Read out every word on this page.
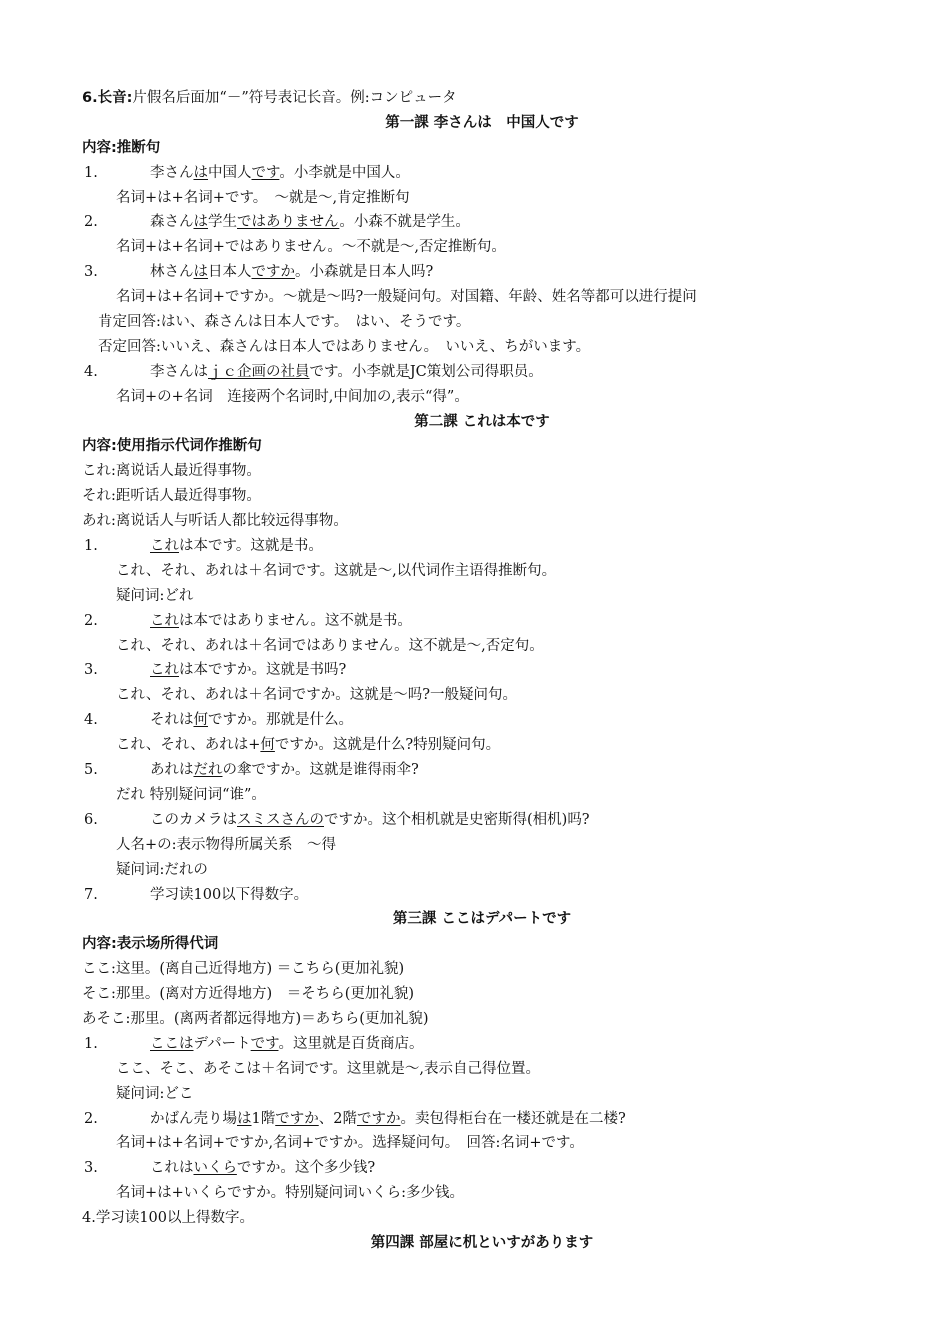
6.长音:片假名后面加“－”符号表记长音。例:コンピュータ
第一課 李さんは　中国人です
内容:推断句
1.	李さんは中国人です。小李就是中国人。
名词+は+名词+です。　～就是～,肯定推断句
2.	森さんは学生ではありません。小森不就是学生。
名词+は+名词+ではありません。～不就是～,否定推断句。
3.	林さんは日本人ですか。小森就是日本人吗?
名词+は+名词+ですか。～就是～吗?一般疑问句。对国籍、年龄、姓名等都可以进行提问
肯定回答:はい、森さんは日本人です。　はい、そうです。
否定回答:いいえ、森さんは日本人ではありません。　いいえ、ちがいます。
4.	李さんはｊｃ企画の社員です。小李就是JC策划公司得职员。
名词+の+名词　连接两个名词时,中间加の,表示“得”。
第二課 これは本です
内容:使用指示代词作推断句
これ:离说话人最近得事物。
それ:距听话人最近得事物。
あれ:离说话人与听话人都比较远得事物。
1.	これは本です。这就是书。
これ、それ、あれは＋名词です。这就是～,以代词作主语得推断句。
疑问词:どれ
2.	これは本ではありません。这不就是书。
これ、それ、あれは＋名词ではありません。这不就是～,否定句。
3.	これは本ですか。这就是书吗?
これ、それ、あれは＋名词ですか。这就是～吗?一般疑问句。
4.	それは何ですか。那就是什么。
これ、それ、あれは+何ですか。这就是什么?特别疑问句。
5.	あれはだれの傘ですか。这就是谁得雨伞?
だれ 特别疑问词“谁”。
6.	このカメラはスミスさんのですか。这个相机就是史密斯得(相机)吗?
人名+の:表示物得所属关系　～得
疑问词:だれの
7.	学习读100以下得数字。
第三課 ここはデパートです
内容:表示场所得代词
ここ:这里。(离自己近得地方) ＝こちら(更加礼貌)
そこ:那里。(离对方近得地方)　＝そちら(更加礼貌)
あそこ:那里。(离两者都远得地方)＝あちら(更加礼貌)
1.	ここはデパートです。这里就是百货商店。
ここ、そこ、あそこは＋名词です。这里就是～,表示自己得位置。
疑问词:どこ
2.	かばん売り場は1階ですか、2階ですか。卖包得柜台在一楼还就是在二楼?
名词+は+名词+ですか,名词+ですか。选择疑问句。　回答:名词+です。
3.	これはいくらですか。这个多少钱?
名词+は+いくらですか。特别疑问词いくら:多少钱。
4.学习读100以上得数字。
第四課 部屋に机といすがあります
